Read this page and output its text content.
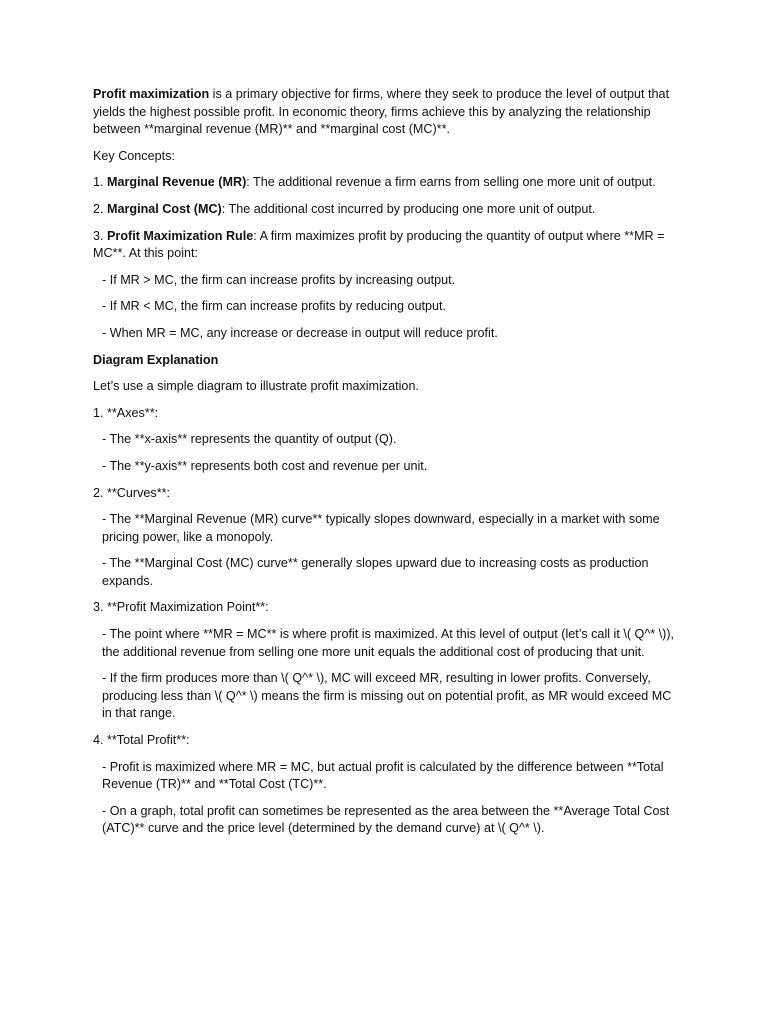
Profit maximization is a primary objective for firms, where they seek to produce the level of output that yields the highest possible profit. In economic theory, firms achieve this by analyzing the relationship between **marginal revenue (MR)** and **marginal cost (MC)**.

Key Concepts:

1. Marginal Revenue (MR): The additional revenue a firm earns from selling one more unit of output.

2. Marginal Cost (MC): The additional cost incurred by producing one more unit of output.

3. Profit Maximization Rule: A firm maximizes profit by producing the quantity of output where **MR = MC**. At this point:

- If MR > MC, the firm can increase profits by increasing output.

- If MR < MC, the firm can increase profits by reducing output.

- When MR = MC, any increase or decrease in output will reduce profit.

Diagram Explanation

Let’s use a simple diagram to illustrate profit maximization.

1. **Axes**:

- The **x-axis** represents the quantity of output (Q).

- The **y-axis** represents both cost and revenue per unit.

2. **Curves**:

- The **Marginal Revenue (MR) curve** typically slopes downward, especially in a market with some pricing power, like a monopoly.

- The **Marginal Cost (MC) curve** generally slopes upward due to increasing costs as production expands.

3. **Profit Maximization Point**:

- The point where **MR = MC** is where profit is maximized. At this level of output (let’s call it \( Q^* \)), the additional revenue from selling one more unit equals the additional cost of producing that unit.

- If the firm produces more than \( Q^* \), MC will exceed MR, resulting in lower profits. Conversely, producing less than \( Q^* \) means the firm is missing out on potential profit, as MR would exceed MC in that range.

4. **Total Profit**:

- Profit is maximized where MR = MC, but actual profit is calculated by the difference between **Total Revenue (TR)** and **Total Cost (TC)**.

- On a graph, total profit can sometimes be represented as the area between the **Average Total Cost (ATC)** curve and the price level (determined by the demand curve) at \( Q^* \).
